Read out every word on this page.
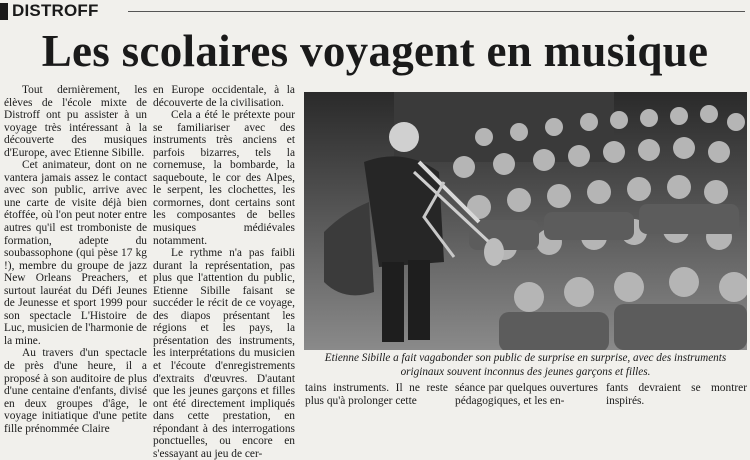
DISTROFF
Les scolaires voyagent en musique

Tout dernièrement, les élèves de l'école mixte de Distroff ont pu assister à un voyage très intéressant à la découverte des musiques d'Europe, avec Etienne Sibille.

Cet animateur, dont on ne vantera jamais assez le contact avec son public, arrive avec une carte de visite déjà bien étoffée, où l'on peut noter entre autres qu'il est tromboniste de formation, adepte du soubassophone (qui pèse 17 kg !), membre du groupe de jazz New Orleans Preachers, et surtout lauréat du Défi Jeunes de Jeunesse et sport 1999 pour son spectacle L'Histoire de Luc, musicien de l'harmonie de la mine.

Au travers d'un spectacle de près d'une heure, il a proposé à son auditoire de plus d'une centaine d'enfants, divisé en deux groupes d'âge, le voyage initiatique d'une petite fille prénommée Claire

en Europe occidentale, à la découverte de la civilisation.

Cela a été le prétexte pour se familiariser avec des instruments très anciens et parfois bizarres, tels la cornemuse, la bombarde, la saqueboute, le cor des Alpes, le serpent, les clochettes, les cormornes, dont certains sont les composantes de belles musiques médiévales notamment.

Le rythme n'a pas faibli durant la représentation, pas plus que l'attention du public, Etienne Sibille faisant se succéder le récit de ce voyage, des diapos présentant les régions et les pays, la présentation des instruments, les interprétations du musicien et l'écoute d'enregistrements d'extraits d'œuvres. D'autant que les jeunes garçons et filles ont été directement impliqués dans cette prestation, en répondant à des interrogations ponctuelles, ou encore en s'essayant au jeu de cer-

Etienne Sibille a fait vagabonder son public de surprise en surprise, avec des instruments originaux souvent inconnus des jeunes garçons et filles.
tains instruments. Il ne reste plus qu'à prolonger cette
séance par quelques ouvertures pédagogiques, et les en-
fants devraient se montrer inspirés.
